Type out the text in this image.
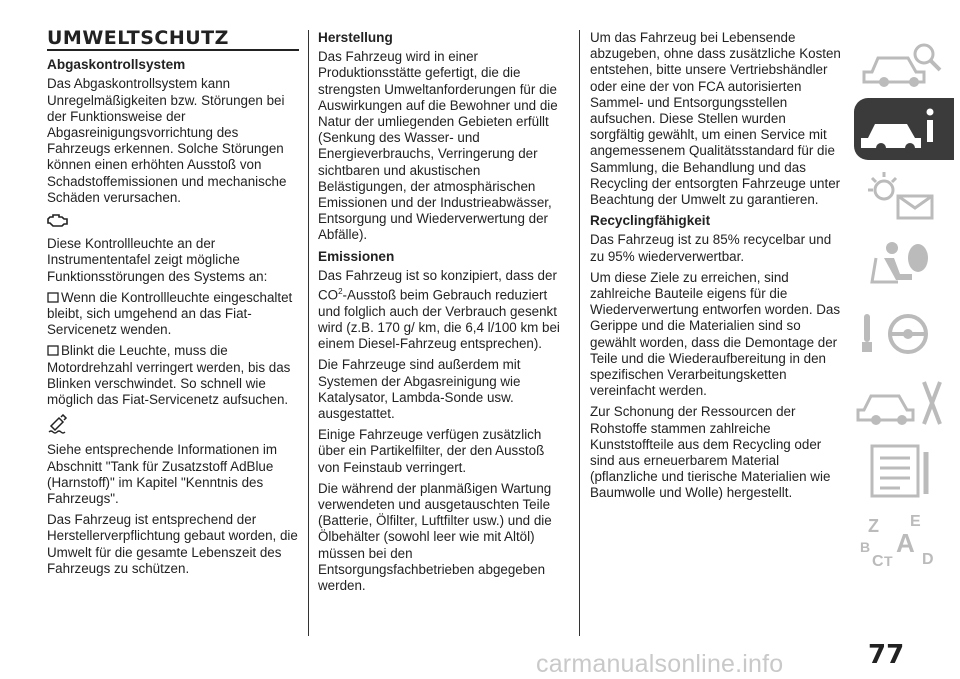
UMWELTSCHUTZ
Abgaskontrollsystem

Das Abgaskontrollsystem kann Unregelmäßigkeiten bzw. Störungen bei der Funktionsweise der Abgasreinigungsvorrichtung des Fahrzeugs erkennen. Solche Störungen können einen erhöhten Ausstoß von Schadstoffemissionen und mechanische Schäden verursachen.

Diese Kontrollleuchte an der Instrumententafel zeigt mögliche Funktionsstörungen des Systems an:

Wenn die Kontrollleuchte eingeschaltet bleibt, sich umgehend an das Fiat-Servicenetz wenden.

Blinkt die Leuchte, muss die Motordrehzahl verringert werden, bis das Blinken verschwindet. So schnell wie möglich das Fiat-Servicenetz aufsuchen.

Siehe entsprechende Informationen im Abschnitt "Tank für Zusatzstoff AdBlue (Harnstoff)" im Kapitel "Kenntnis des Fahrzeugs".

Das Fahrzeug ist entsprechend der Herstellerverpflichtung gebaut worden, die Umwelt für die gesamte Lebenszeit des Fahrzeugs zu schützen.

Herstellung

Das Fahrzeug wird in einer Produktionsstätte gefertigt, die die strengsten Umweltanforderungen für die Auswirkungen auf die Bewohner und die Natur der umliegenden Gebieten erfüllt (Senkung des Wasser- und Energieverbrauchs, Verringerung der sichtbaren und akustischen Belästigungen, der atmosphärischen Emissionen und der Industrieabwässer, Entsorgung und Wiederverwertung der Abfälle).

Emissionen

Das Fahrzeug ist so konzipiert, dass der $CO^2$-Ausstoß beim Gebrauch reduziert und folglich auch der Verbrauch gesenkt wird (z.B. 170 g/ km, die 6,4 l/100 km bei einem Diesel-Fahrzeug entsprechen).

Die Fahrzeuge sind außerdem mit Systemen der Abgasreinigung wie Katalysator, Lambda-Sonde usw. ausgestattet.

Einige Fahrzeuge verfügen zusätzlich über ein Partikelfilter, der den Ausstoß von Feinstaub verringert.

Die während der planmäßigen Wartung verwendeten und ausgetauschten Teile (Batterie, Ölfilter, Luftfilter usw.) und die Ölbehälter (sowohl leer wie mit Altöl) müssen bei den Entsorgungsfachbetrieben abgegeben werden.

Um das Fahrzeug bei Lebensende abzugeben, ohne dass zusätzliche Kosten entstehen, bitte unsere Vertriebshändler oder eine der von FCA autorisierten Sammel- und Entsorgungsstellen aufsuchen. Diese Stellen wurden sorgfältig gewählt, um einen Service mit angemessenem Qualitätsstandard für die Sammlung, die Behandlung und das Recycling der entsorgten Fahrzeuge unter Beachtung der Umwelt zu garantieren.

Recyclingfähigkeit

Das Fahrzeug ist zu 85% recycelbar und zu 95% wiederverwertbar.

Um diese Ziele zu erreichen, sind zahlreiche Bauteile eigens für die Wiederverwertung entworfen worden. Das Gerippe und die Materialien sind so gewählt worden, dass die Demontage der Teile und die Wiederaufbereitung in den spezifischen Verarbeitungsketten vereinfacht werden.

Zur Schonung der Ressourcen der Rohstoffe stammen zahlreiche Kunststoffteile aus dem Recycling oder sind aus erneuerbarem Material (pflanzliche und tierische Materialien wie Baumwolle und Wolle) hergestellt.

Z E
B A
C T D
77
carmanualsonline.info
